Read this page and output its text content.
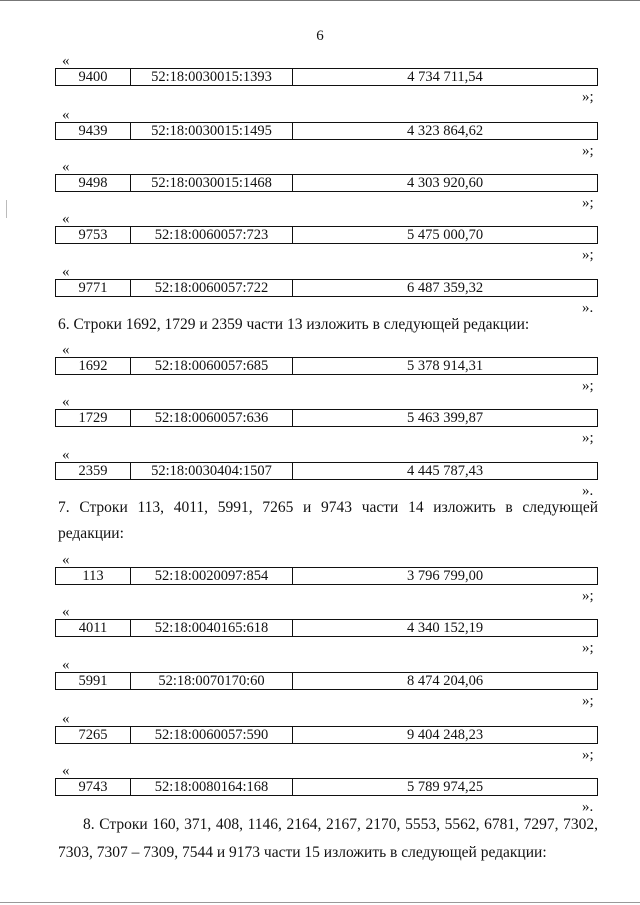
6
«
9400	52:18:0030015:1393	4 734 711,54
»;
«
9439	52:18:0030015:1495	4 323 864,62
»;
«
9498	52:18:0030015:1468	4 303 920,60
»;
«
9753	52:18:0060057:723	5 475 000,70
»;
«
9771	52:18:0060057:722	6 487 359,32
».
«
1692	52:18:0060057:685	5 378 914,31
»;
«
1729	52:18:0060057:636	5 463 399,87
»;
«
2359	52:18:0030404:1507	4 445 787,43
».
«
113	52:18:0020097:854	3 796 799,00
»;
«
4011	52:18:0040165:618	4 340 152,19
»;
«
5991	52:18:0070170:60	8 474 204,06
»;
«
7265	52:18:0060057:590	9 404 248,23
»;
«
9743	52:18:0080164:168	5 789 974,25
».
6. Строки 1692, 1729 и 2359 части 13 изложить в следующей редакции:
7. Строки 113, 4011, 5991, 7265 и 9743 части 14 изложить в следующей
редакции:
8. Строки 160, 371, 408, 1146, 2164, 2167, 2170, 5553, 5562, 6781, 7297, 7302,
7303, 7307 – 7309, 7544 и 9173 части 15 изложить в следующей редакции:
